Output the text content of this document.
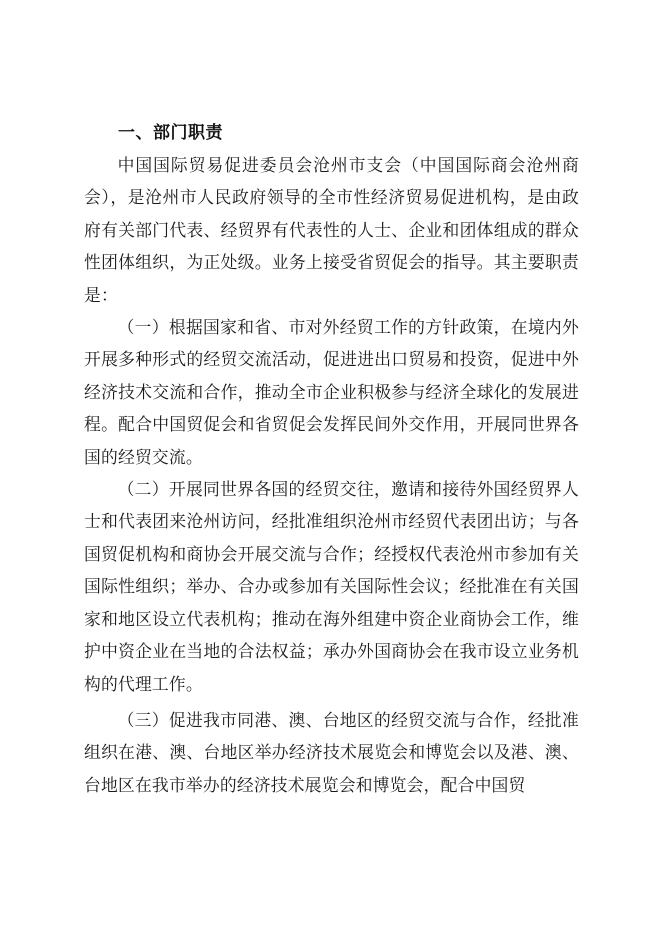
一、部门职责

中国国际贸易促进委员会沧州市支会（中国国际商会沧州商会），是沧州市人民政府领导的全市性经济贸易促进机构，是由政府有关部门代表、经贸界有代表性的人士、企业和团体组成的群众性团体组织，为正处级。业务上接受省贸促会的指导。其主要职责是：

（一）根据国家和省、市对外经贸工作的方针政策，在境内外开展多种形式的经贸交流活动，促进进出口贸易和投资，促进中外经济技术交流和合作，推动全市企业积极参与经济全球化的发展进程。配合中国贸促会和省贸促会发挥民间外交作用，开展同世界各国的经贸交流。

（二）开展同世界各国的经贸交往，邀请和接待外国经贸界人士和代表团来沧州访问，经批准组织沧州市经贸代表团出访；与各国贸促机构和商协会开展交流与合作；经授权代表沧州市参加有关国际性组织；举办、合办或参加有关国际性会议；经批准在有关国家和地区设立代表机构；推动在海外组建中资企业商协会工作，维护中资企业在当地的合法权益；承办外国商协会在我市设立业务机构的代理工作。

（三）促进我市同港、澳、台地区的经贸交流与合作，经批准组织在港、澳、台地区举办经济技术展览会和博览会以及港、澳、台地区在我市举办的经济技术展览会和博览会，配合中国贸
